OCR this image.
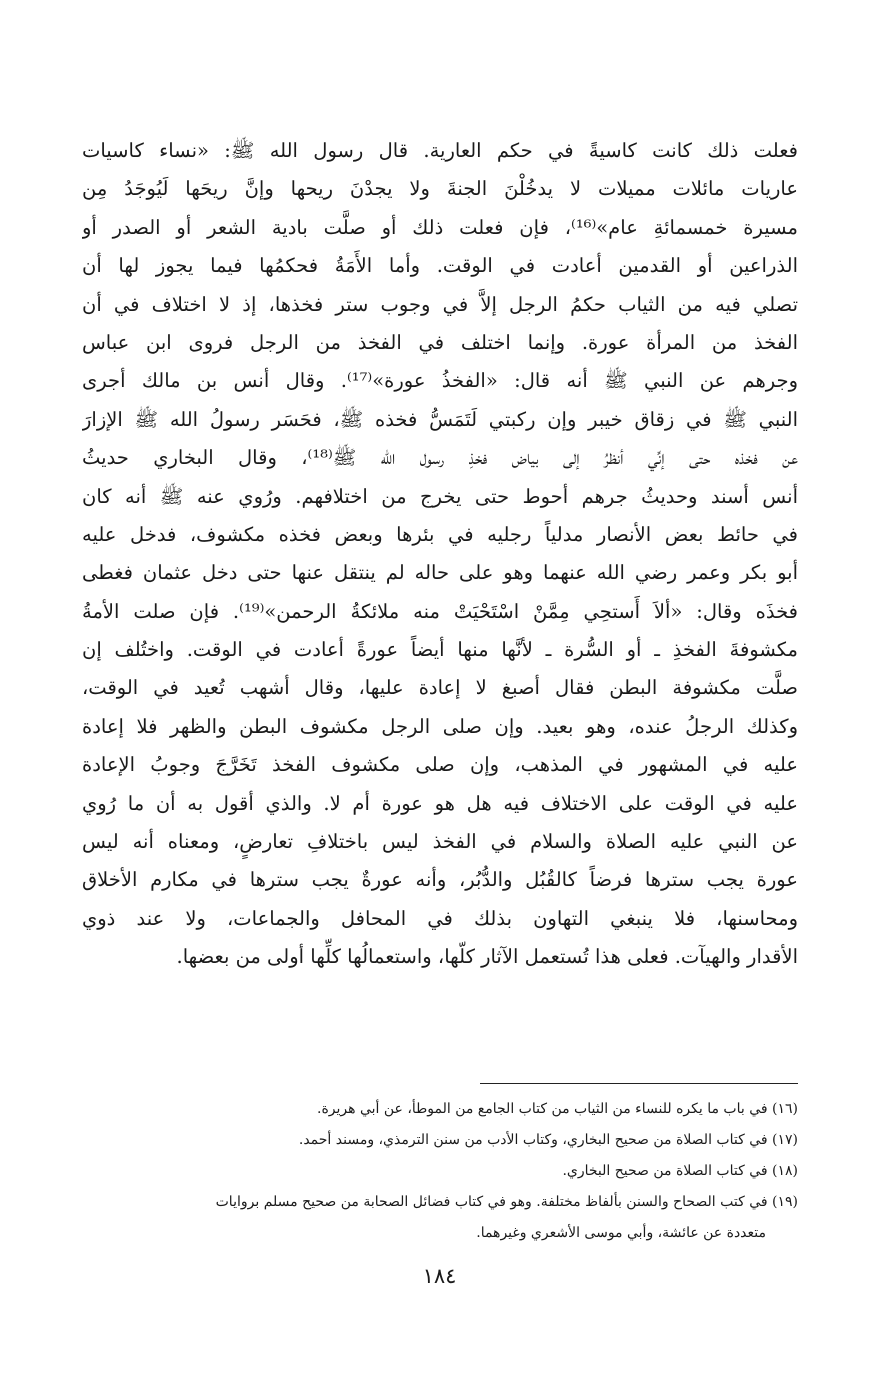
فعلت ذلك كانت كاسيةً في حكم العارية. قال رسول الله ﷺ: «نساء كاسيات
عاريات مائلات مميلات لا يدخُلْنَ الجنةَ ولا يجدْنَ ريحها وإنَّ ريحَها لَيُوجَدُ مِن
مسيرة خمسمائةِ عام»⁽¹⁶⁾، فإن فعلت ذلك أو صلَّت بادية الشعر أو الصدر أو
الذراعين أو القدمين أعادت في الوقت. وأما الأَمَةُ فحكمُها فيما يجوز لها أن
تصلي فيه من الثياب حكمُ الرجل إلاَّ في وجوب ستر فخذها، إذ لا اختلاف في أن
الفخذ من المرأة عورة. وإنما اختلف في الفخذ من الرجل فروى ابن عباس
وجرهم عن النبي ﷺ أنه قال: «الفخذُ عورة»⁽¹⁷⁾. وقال أنس بن مالك أجرى
النبي ﷺ في زقاق خيبر وإن ركبتي لَتَمَسُّ فخذه ﷺ، فحَسَر رسولُ الله ﷺ الإزارَ
عن فخذه حتى إنِّي أنظرُ إلى بياض فخذِ رسول الله ﷺ⁽¹⁸⁾، وقال البخاري حديثُ
أنس أسند وحديثُ جرهم أحوط حتى يخرج من اختلافهم. ورُوي عنه ﷺ أنه كان
في حائط بعض الأنصار مدلياً رجليه في بئرها وبعض فخذه مكشوف، فدخل عليه
أبو بكر وعمر رضي الله عنهما وهو على حاله لم ينتقل عنها حتى دخل عثمان فغطى
فخذَه وقال: «ألاَ أَستحِي مِمَّنْ اسْتَحْيَتْ منه ملائكةُ الرحمن»⁽¹⁹⁾. فإن صلت الأمةُ
مكشوفةَ الفخذِ ـ أو السُّرة ـ لأنَّها منها أيضاً عورةً أعادت في الوقت. واختُلف إن
صلَّت مكشوفة البطن فقال أصبغ لا إعادة عليها، وقال أشهب تُعيد في الوقت،
وكذلك الرجلُ عنده، وهو بعيد. وإن صلى الرجل مكشوف البطن والظهر فلا إعادة
عليه في المشهور في المذهب، وإن صلى مكشوف الفخذ تَخَرَّجَ وجوبُ الإعادة
عليه في الوقت على الاختلاف فيه هل هو عورة أم لا. والذي أقول به أن ما رُوي
عن النبي عليه الصلاة والسلام في الفخذ ليس باختلافِ تعارضٍ، ومعناه أنه ليس
عورة يجب سترها فرضاً كالقُبُل والدُّبُر، وأنه عورةٌ يجب سترها في مكارم الأخلاق
ومحاسنها، فلا ينبغي التهاون بذلك في المحافل والجماعات، ولا عند ذوي
الأقدار والهيآت. فعلى هذا تُستعمل الآثار كلّها، واستعمالُها كلِّها أولى من بعضها.
(١٦) في باب ما يكره للنساء من الثياب من كتاب الجامع من الموطأ، عن أبي هريرة.
(١٧) في كتاب الصلاة من صحيح البخاري، وكتاب الأدب من سنن الترمذي، ومسند أحمد.
(١٨) في كتاب الصلاة من صحيح البخاري.
(١٩) في كتب الصحاح والسنن بألفاظ مختلفة. وهو في كتاب فضائل الصحابة من صحيح مسلم بروايات
متعددة عن عائشة، وأبي موسى الأشعري وغيرهما.
١٨٤
